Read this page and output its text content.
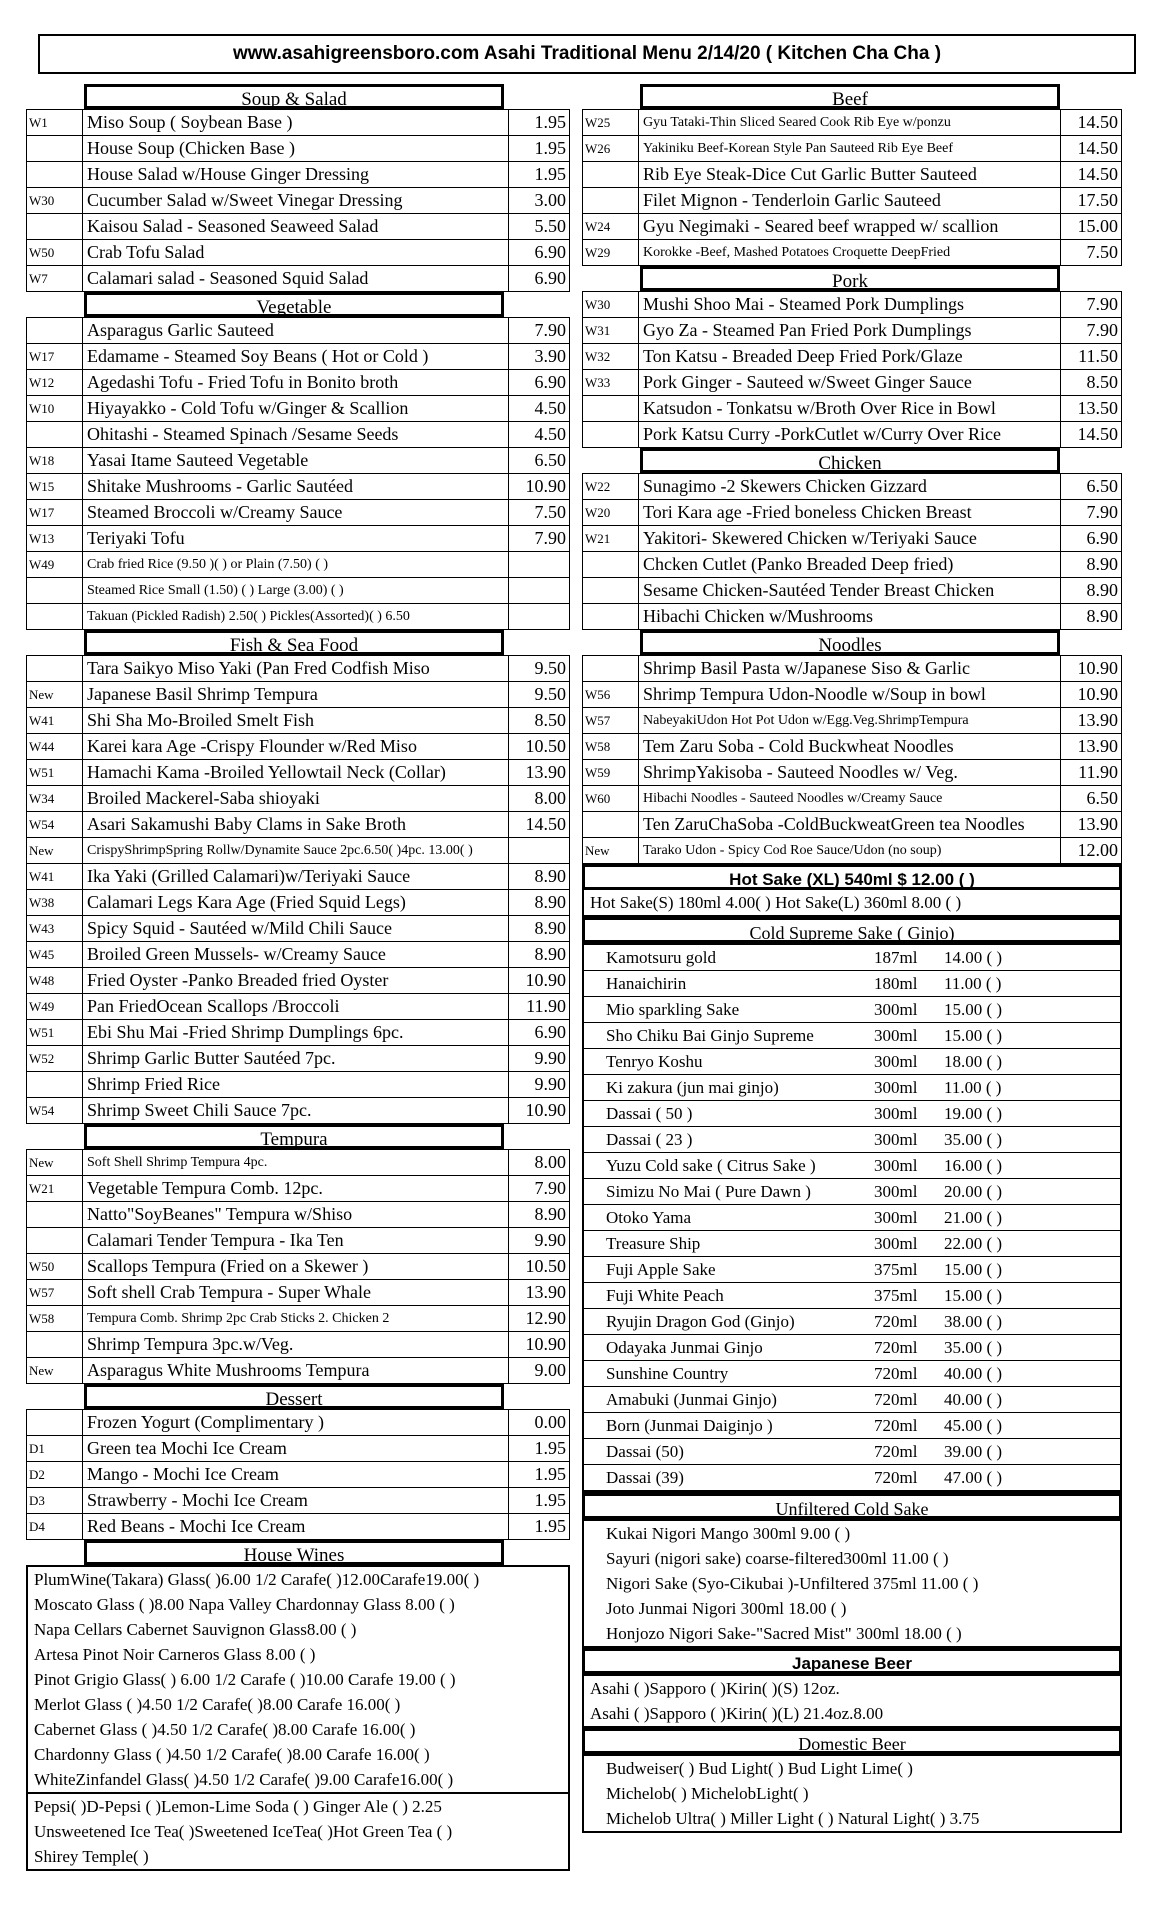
www.asahigreensboro.com Asahi Traditional Menu 2/14/20 ( Kitchen Cha Cha )
Soup & Salad
W1	Miso Soup ( Soybean Base )	1.95
House Soup (Chicken Base )	1.95
House Salad w/House Ginger Dressing	1.95
W30	Cucumber Salad w/Sweet Vinegar Dressing	3.00
Kaisou Salad - Seasoned Seaweed Salad	5.50
W50	Crab Tofu Salad	6.90
W7	Calamari salad - Seasoned Squid Salad	6.90
Vegetable
Asparagus Garlic Sauteed	7.90
W17	Edamame - Steamed Soy Beans ( Hot or Cold )	3.90
W12	Agedashi Tofu - Fried Tofu in Bonito broth	6.90
W10	Hiyayakko - Cold Tofu w/Ginger & Scallion	4.50
Ohitashi - Steamed Spinach /Sesame Seeds	4.50
W18	Yasai Itame Sauteed Vegetable	6.50
W15	Shitake Mushrooms - Garlic Sautéed	10.90
W17	Steamed Broccoli w/Creamy Sauce	7.50
W13	Teriyaki Tofu	7.90
W49	Crab fried Rice (9.50 )( ) or Plain (7.50) ( )
Steamed Rice Small (1.50) ( ) Large (3.00) ( )
Takuan (Pickled Radish) 2.50( ) Pickles(Assorted)( ) 6.50
Fish & Sea Food
Tara Saikyo Miso Yaki (Pan Fred Codfish Miso	9.50
New	Japanese Basil Shrimp Tempura	9.50
W41	Shi Sha Mo-Broiled Smelt Fish	8.50
W44	Karei kara Age -Crispy Flounder w/Red Miso	10.50
W51	Hamachi Kama -Broiled Yellowtail Neck (Collar)	13.90
W34	Broiled Mackerel-Saba shioyaki	8.00
W54	Asari Sakamushi Baby Clams in Sake Broth	14.50
New	CrispyShrimpSpring Rollw/Dynamite Sauce 2pc.6.50( )4pc. 13.00( )
W41	Ika Yaki (Grilled Calamari)w/Teriyaki Sauce	8.90
W38	Calamari Legs Kara Age (Fried Squid Legs)	8.90
W43	Spicy Squid - Sautéed w/Mild Chili Sauce	8.90
W45	Broiled Green Mussels- w/Creamy Sauce	8.90
W48	Fried Oyster -Panko Breaded fried Oyster	10.90
W49	Pan FriedOcean Scallops /Broccoli	11.90
W51	Ebi Shu Mai -Fried Shrimp Dumplings 6pc.	6.90
W52	Shrimp Garlic Butter Sautéed 7pc.	9.90
Shrimp Fried Rice	9.90
W54	Shrimp Sweet Chili Sauce 7pc.	10.90
Tempura
New	Soft Shell Shrimp Tempura 4pc.	8.00
W21	Vegetable Tempura Comb. 12pc.	7.90
Natto"SoyBeanes" Tempura w/Shiso	8.90
Calamari Tender Tempura - Ika Ten	9.90
W50	Scallops Tempura (Fried on a Skewer )	10.50
W57	Soft shell Crab Tempura - Super Whale	13.90
W58	Tempura Comb. Shrimp 2pc Crab Sticks 2. Chicken 2	12.90
Shrimp Tempura 3pc.w/Veg.	10.90
New	Asparagus White Mushrooms Tempura	9.00
Dessert
Frozen Yogurt (Complimentary )	0.00
D1	Green tea Mochi Ice Cream	1.95
D2	Mango - Mochi Ice Cream	1.95
D3	Strawberry - Mochi Ice Cream	1.95
D4	Red Beans - Mochi Ice Cream	1.95
House Wines
PlumWine(Takara) Glass( )6.00 1/2 Carafe( )12.00Carafe19.00( )
Moscato Glass ( )8.00 Napa Valley Chardonnay Glass 8.00 ( )
Napa Cellars Cabernet Sauvignon Glass8.00 ( )
Artesa Pinot Noir Carneros Glass 8.00 ( )
Pinot Grigio Glass( ) 6.00 1/2 Carafe ( )10.00 Carafe 19.00 ( )
Merlot Glass ( )4.50 1/2 Carafe( )8.00 Carafe 16.00( )
Cabernet Glass ( )4.50 1/2 Carafe( )8.00 Carafe 16.00( )
Chardonny Glass ( )4.50 1/2 Carafe( )8.00 Carafe 16.00( )
WhiteZinfandel Glass( )4.50 1/2 Carafe( )9.00 Carafe16.00( )
Pepsi( )D-Pepsi ( )Lemon-Lime Soda ( ) Ginger Ale ( ) 2.25
Unsweetened Ice Tea( )Sweetened IceTea( )Hot Green Tea ( )
Shirey Temple( )
Beef
W25	Gyu Tataki-Thin Sliced Seared Cook Rib Eye w/ponzu	14.50
W26	Yakiniku Beef-Korean Style Pan Sauteed Rib Eye Beef	14.50
Rib Eye Steak-Dice Cut Garlic Butter Sauteed	14.50
Filet Mignon - Tenderloin Garlic Sauteed	17.50
W24	Gyu Negimaki - Seared beef wrapped w/ scallion	15.00
W29	Korokke -Beef, Mashed Potatoes Croquette DeepFried	7.50
Pork
W30	Mushi Shoo Mai - Steamed Pork Dumplings	7.90
W31	Gyo Za - Steamed Pan Fried Pork Dumplings	7.90
W32	Ton Katsu - Breaded Deep Fried Pork/Glaze	11.50
W33	Pork Ginger - Sauteed w/Sweet Ginger Sauce	8.50
Katsudon - Tonkatsu w/Broth Over Rice in Bowl	13.50
Pork Katsu Curry -PorkCutlet w/Curry Over Rice	14.50
Chicken
W22	Sunagimo -2 Skewers Chicken Gizzard	6.50
W20	Tori Kara age -Fried boneless Chicken Breast	7.90
W21	Yakitori- Skewered Chicken w/Teriyaki Sauce	6.90
Chcken Cutlet (Panko Breaded Deep fried)	8.90
Sesame Chicken-Sautéed Tender Breast Chicken	8.90
Hibachi Chicken w/Mushrooms	8.90
Noodles
Shrimp Basil Pasta w/Japanese Siso & Garlic	10.90
W56	Shrimp Tempura Udon-Noodle w/Soup in bowl	10.90
W57	NabeyakiUdon Hot Pot Udon w/Egg.Veg.ShrimpTempura	13.90
W58	Tem Zaru Soba - Cold Buckwheat Noodles	13.90
W59	ShrimpYakisoba - Sauteed Noodles w/ Veg.	11.90
W60	Hibachi Noodles - Sauteed Noodles w/Creamy Sauce	6.50
Ten ZaruChaSoba -ColdBuckweatGreen tea Noodles	13.90
New	Tarako Udon - Spicy Cod Roe Sauce/Udon (no soup)	12.00
Hot Sake (XL) 540ml $ 12.00 ( )
Hot Sake(S) 180ml 4.00( ) Hot Sake(L) 360ml 8.00 ( )
Cold Supreme Sake ( Ginjo)
Kamotsuru gold	187ml	14.00 ( )
Hanaichirin	180ml	11.00 ( )
Mio sparkling Sake	300ml	15.00 ( )
Sho Chiku Bai Ginjo Supreme	300ml	15.00 ( )
Tenryo Koshu	300ml	18.00 ( )
Ki zakura (jun mai ginjo)	300ml	11.00 ( )
Dassai ( 50 )	300ml	19.00 ( )
Dassai ( 23 )	300ml	35.00 ( )
Yuzu Cold sake ( Citrus Sake )	300ml	16.00 ( )
Simizu No Mai ( Pure Dawn )	300ml	20.00 ( )
Otoko Yama	300ml	21.00 ( )
Treasure Ship	300ml	22.00 ( )
Fuji Apple Sake	375ml	15.00 ( )
Fuji White Peach	375ml	15.00 ( )
Ryujin Dragon God (Ginjo)	720ml	38.00 ( )
Odayaka Junmai Ginjo	720ml	35.00 ( )
Sunshine Country	720ml	40.00 ( )
Amabuki (Junmai Ginjo)	720ml	40.00 ( )
Born (Junmai Daiginjo )	720ml	45.00 ( )
Dassai (50)	720ml	39.00 ( )
Dassai (39)	720ml	47.00 ( )
Unfiltered Cold Sake
Kukai Nigori Mango 300ml 9.00 ( )
Sayuri (nigori sake) coarse-filtered300ml 11.00 ( )
Nigori Sake (Syo-Cikubai )-Unfiltered 375ml 11.00 ( )
Joto Junmai Nigori 300ml 18.00 ( )
Honjozo Nigori Sake-"Sacred Mist" 300ml 18.00 ( )
Japanese Beer
Asahi ( )Sapporo ( )Kirin( )(S) 12oz.
Asahi ( )Sapporo ( )Kirin( )(L) 21.4oz.8.00
Domestic Beer
Budweiser( ) Bud Light( ) Bud Light Lime( )
Michelob( ) MichelobLight( )
Michelob Ultra( ) Miller Light ( ) Natural Light( ) 3.75
